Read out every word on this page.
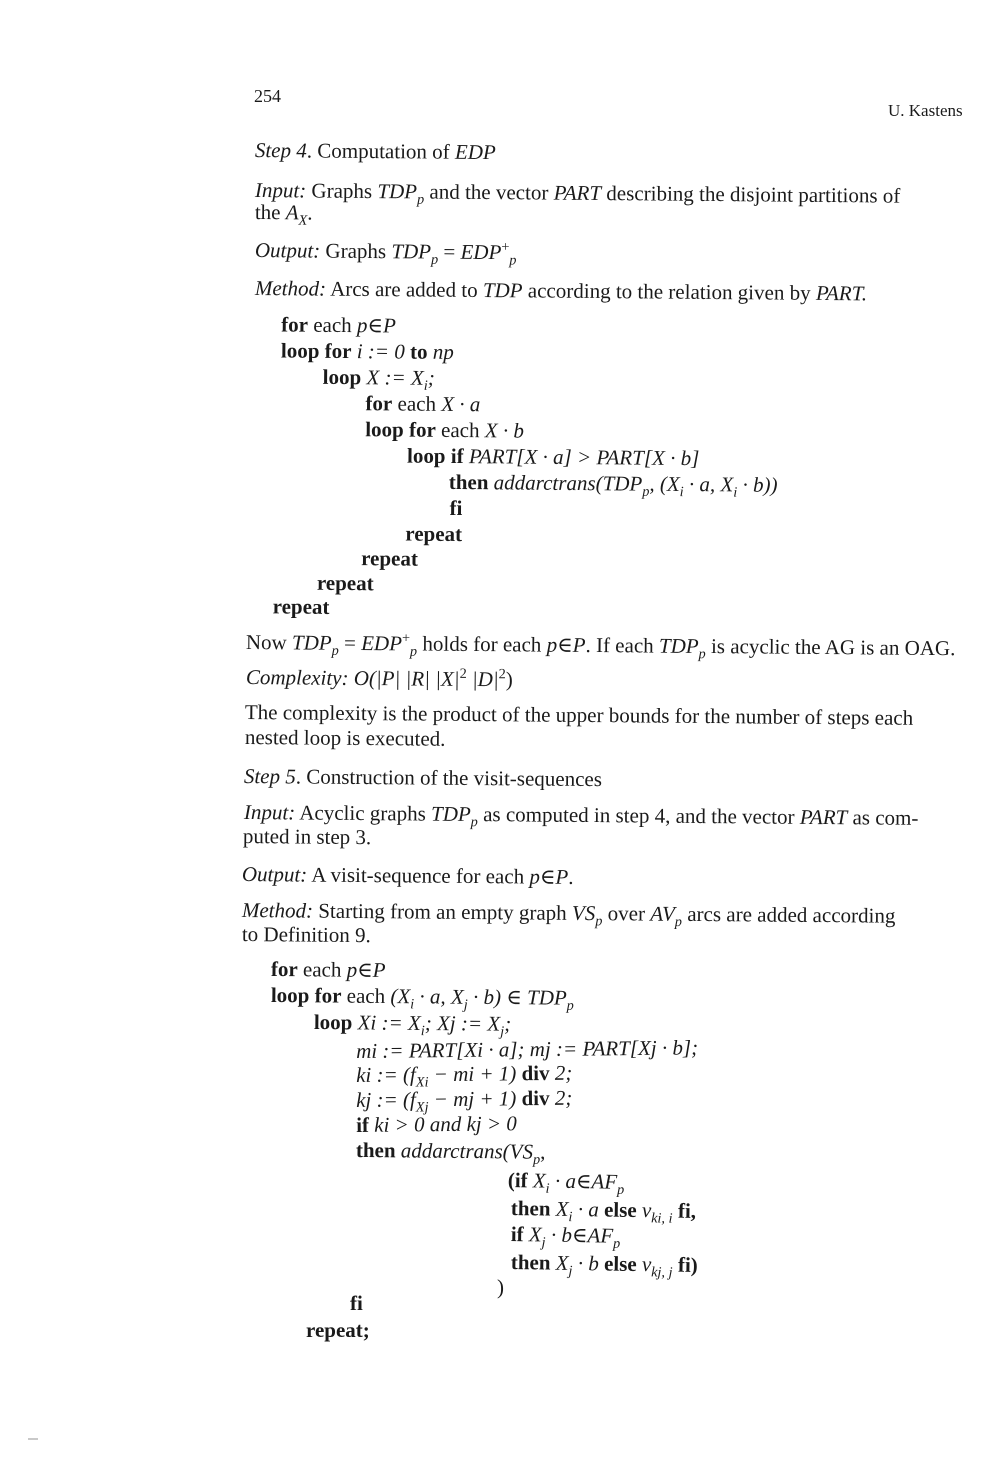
254
U. Kastens
Step 4. Computation of EDP
Input: Graphs $TDP_p$ and the vector PART describing the disjoint partitions of
the $A_X$.
Output: Graphs $TDP_p = EDP^+_p$
Method: Arcs are added to TDP according to the relation given by PART.
for each p∈P
loop for i := 0 to np
loop X := $X_i$;
for each X · a
loop for each X · b
loop if PART[X · a] > PART[X · b]
then $addarctrans(TDP_p$, ($X_i \cdot a$, $X_i \cdot b$))
fi
repeat
repeat
repeat
repeat
Now $TDP_p = EDP^+_p$ holds for each p∈P. If each $TDP_p$ is acyclic the AG is an OAG.
Complexity: O(|P| |R| $|X|^2$ $|D|^2$)
The complexity is the product of the upper bounds for the number of steps each
nested loop is executed.
Step 5. Construction of the visit-sequences
Input: Acyclic graphs $TDP_p$ as computed in step 4, and the vector PART as com-
puted in step 3.
Output: A visit-sequence for each p∈P.
Method: Starting from an empty graph $VS_p$ over $AV_p$ arcs are added according
to Definition 9.
for each p∈P
loop for each ($X_i \cdot a$, $X_j \cdot b$) ∈ $TDP_p$
loop Xi := $X_i$; Xj := $X_j$;
mi := PART[Xi · a]; mj := PART[Xj · b];
ki := ($f_{Xi}$ − mi + 1) div 2;
kj := ($f_{Xj}$ − mj + 1) div 2;
if ki > 0 and kj > 0
then $addarctrans(VS_p$,
(if $X_i$ · $a\in AF_p$
then $X_i \cdot a$ else $v_{ki, i}$ fi,
if $X_j$ · $b\in AF_p$
then $X_j \cdot b$ else $v_{kj, j}$ fi)
)
fi
repeat;
